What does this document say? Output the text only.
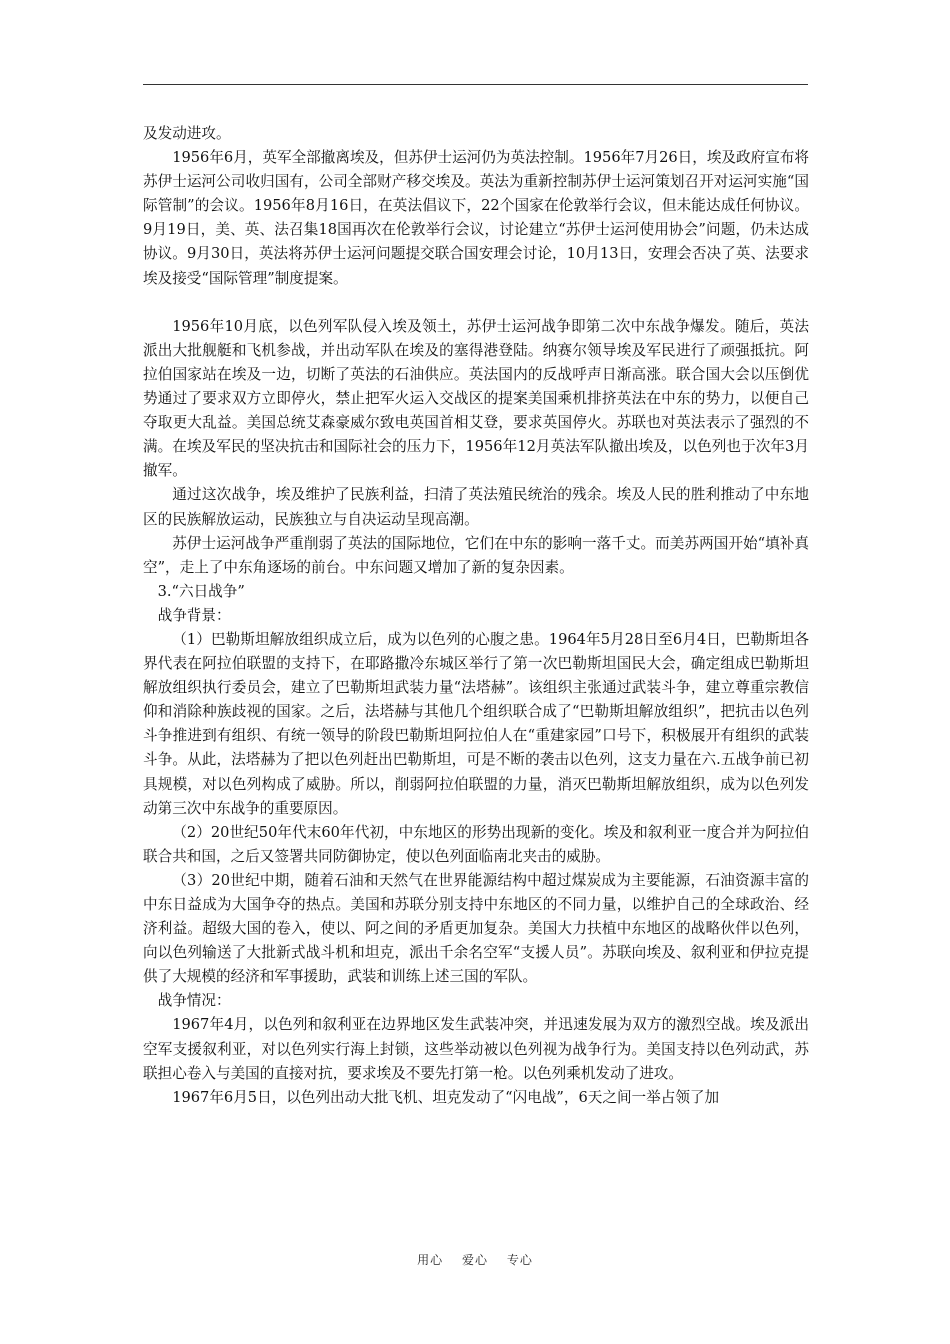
及发动进攻。

1956年6月，英军全部撤离埃及，但苏伊士运河仍为英法控制。1956年7月26日，埃及政府宣布将苏伊士运河公司收归国有，公司全部财产移交埃及。英法为重新控制苏伊士运河策划召开对运河实施“国际管制”的会议。1956年8月16日，在英法倡议下，22个国家在伦敦举行会议，但未能达成任何协议。9月19日，美、英、法召集18国再次在伦敦举行会议，讨论建立“苏伊士运河使用协会”问题，仍未达成协议。9月30日，英法将苏伊士运河问题提交联合国安理会讨论，10月13日，安理会否决了英、法要求埃及接受“国际管理”制度提案。

1956年10月底，以色列军队侵入埃及领土，苏伊士运河战争即第二次中东战争爆发。随后，英法派出大批舰艇和飞机参战，并出动军队在埃及的塞得港登陆。纳赛尔领导埃及军民进行了顽强抵抗。阿拉伯国家站在埃及一边，切断了英法的石油供应。英法国内的反战呼声日渐高涨。联合国大会以压倒优势通过了要求双方立即停火，禁止把军火运入交战区的提案美国乘机排挤英法在中东的势力，以便自己夺取更大乱益。美国总统艾森豪威尔致电英国首相艾登，要求英国停火。苏联也对英法表示了强烈的不满。在埃及军民的坚决抗击和国际社会的压力下，1956年12月英法军队撤出埃及，以色列也于次年3月撤军。

通过这次战争，埃及维护了民族利益，扫清了英法殖民统治的残余。埃及人民的胜利推动了中东地区的民族解放运动，民族独立与自决运动呈现高潮。

苏伊士运河战争严重削弱了英法的国际地位，它们在中东的影响一落千丈。而美苏两国开始“填补真空”，走上了中东角逐场的前台。中东问题又增加了新的复杂因素。

3.“六日战争”

战争背景：

（1）巴勒斯坦解放组织成立后，成为以色列的心腹之患。1964年5月28日至6月4日，巴勒斯坦各界代表在阿拉伯联盟的支持下，在耶路撒冷东城区举行了第一次巴勒斯坦国民大会，确定组成巴勒斯坦解放组织执行委员会，建立了巴勒斯坦武装力量“法塔赫”。该组织主张通过武装斗争，建立尊重宗教信仰和消除种族歧视的国家。之后，法塔赫与其他几个组织联合成了“巴勒斯坦解放组织”，把抗击以色列斗争推进到有组织、有统一领导的阶段巴勒斯坦阿拉伯人在“重建家园”口号下，积极展开有组织的武装斗争。从此，法塔赫为了把以色列赶出巴勒斯坦，可是不断的袭击以色列，这支力量在六.五战争前已初具规模，对以色列构成了威胁。所以，削弱阿拉伯联盟的力量，消灭巴勒斯坦解放组织，成为以色列发动第三次中东战争的重要原因。

（2）20世纪50年代末60年代初，中东地区的形势出现新的变化。埃及和叙利亚一度合并为阿拉伯联合共和国，之后又签署共同防御协定，使以色列面临南北夹击的威胁。

（3）20世纪中期，随着石油和天然气在世界能源结构中超过煤炭成为主要能源，石油资源丰富的中东日益成为大国争夺的热点。美国和苏联分别支持中东地区的不同力量，以维护自己的全球政治、经济利益。超级大国的卷入，使以、阿之间的矛盾更加复杂。美国大力扶植中东地区的战略伙伴以色列，向以色列输送了大批新式战斗机和坦克，派出千余名空军“支援人员”。苏联向埃及、叙利亚和伊拉克提供了大规模的经济和军事援助，武装和训练上述三国的军队。

战争情况：

1967年4月，以色列和叙利亚在边界地区发生武装冲突，并迅速发展为双方的激烈空战。埃及派出空军支援叙利亚，对以色列实行海上封锁，这些举动被以色列视为战争行为。美国支持以色列动武，苏联担心卷入与美国的直接对抗，要求埃及不要先打第一枪。以色列乘机发动了进攻。

1967年6月5日，以色列出动大批飞机、坦克发动了“闪电战”，6天之间一举占领了加

用心 爱心 专心
